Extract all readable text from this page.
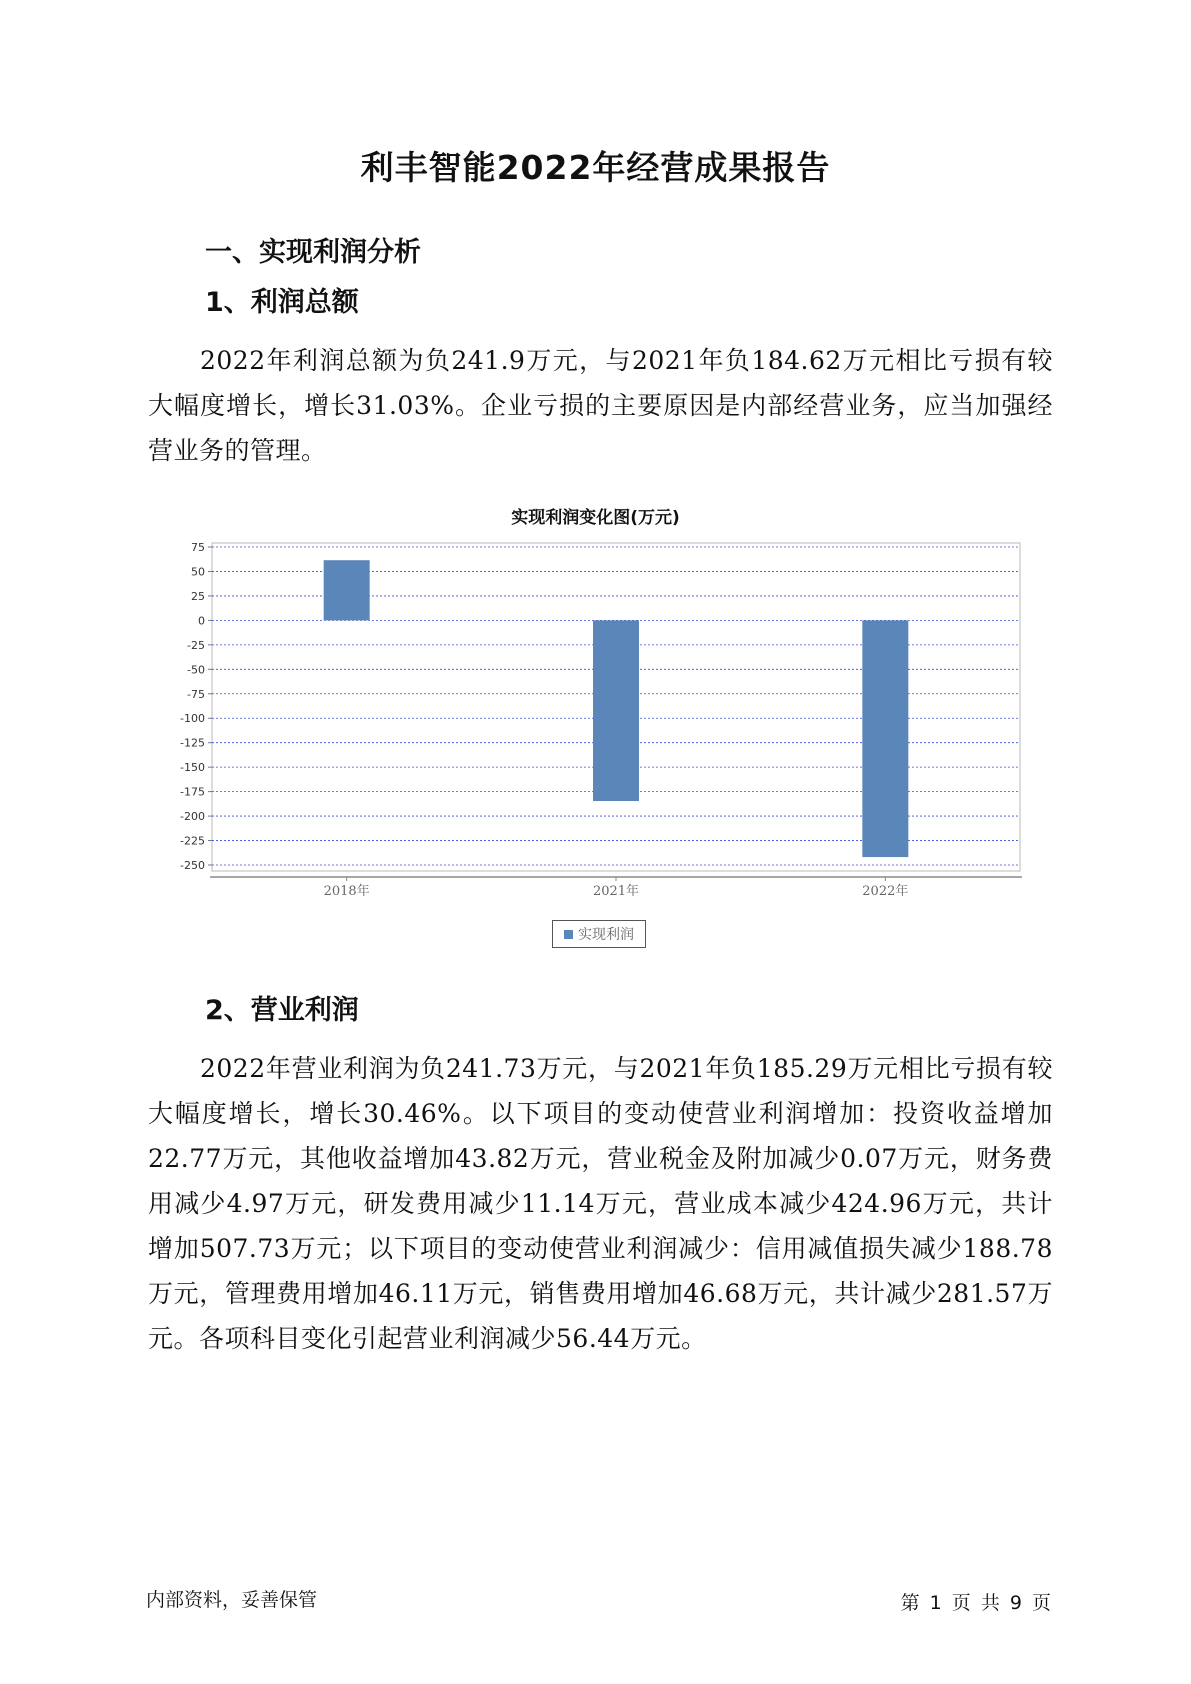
利丰智能2022年经营成果报告
一、实现利润分析
1、利润总额
2022年利润总额为负241.9万元，与2021年负184.62万元相比亏损有较大幅度增长，增长31.03%。企业亏损的主要原因是内部经营业务，应当加强经营业务的管理。
实现利润变化图(万元)
75
50
25
0
-25
-50
-75
-100
-125
-150
-175
-200
-225
-250
2018年	2021年	2022年
实现利润
2、营业利润
2022年营业利润为负241.73万元，与2021年负185.29万元相比亏损有较大幅度增长，增长30.46%。以下项目的变动使营业利润增加：投资收益增加22.77万元，其他收益增加43.82万元，营业税金及附加减少0.07万元，财务费用减少4.97万元，研发费用减少11.14万元，营业成本减少424.96万元，共计增加507.73万元；以下项目的变动使营业利润减少：信用减值损失减少188.78万元，管理费用增加46.11万元，销售费用增加46.68万元，共计减少281.57万元。各项科目变化引起营业利润减少56.44万元。
内部资料，妥善保管	第 1 页 共 9 页
